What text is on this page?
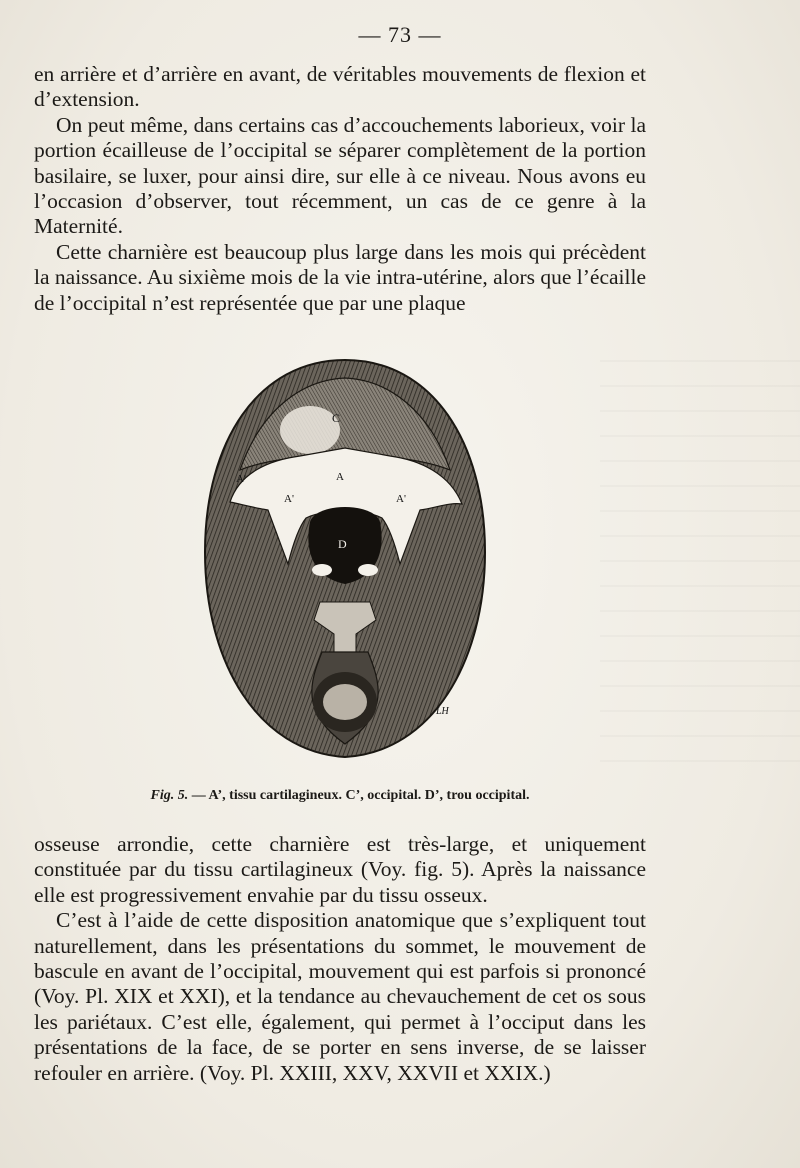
— 73 —

en arrière et d’arrière en avant, de véritables mouvements de flexion et d’extension.

On peut même, dans certains cas d’accouchements laborieux, voir la portion écailleuse de l’occipital se séparer complètement de la portion basilaire, se luxer, pour ainsi dire, sur elle à ce niveau. Nous avons eu l’occasion d’observer, tout récemment, un cas de ce genre à la Maternité.

Cette charnière est beaucoup plus large dans les mois qui précèdent la naissance. Au sixième mois de la vie intra-utérine, alors que l’écaille de l’occipital n’est représentée que par une plaque

C
A
A'	A'
A'
D
LH
Fig. 5. — A’, tissu cartilagineux. C’, occipital. D’, trou occipital.

osseuse arrondie, cette charnière est très-large, et uniquement constituée par du tissu cartilagineux (Voy. fig. 5). Après la naissance elle est progressivement envahie par du tissu osseux.

C’est à l’aide de cette disposition anatomique que s’expliquent tout naturellement, dans les présentations du sommet, le mouvement de bascule en avant de l’occipital, mouvement qui est parfois si prononcé (Voy. Pl. XIX et XXI), et la tendance au chevauchement de cet os sous les pariétaux. C’est elle, également, qui permet à l’occiput dans les présentations de la face, de se porter en sens inverse, de se laisser refouler en arrière. (Voy. Pl. XXIII, XXV, XXVII et XXIX.)
